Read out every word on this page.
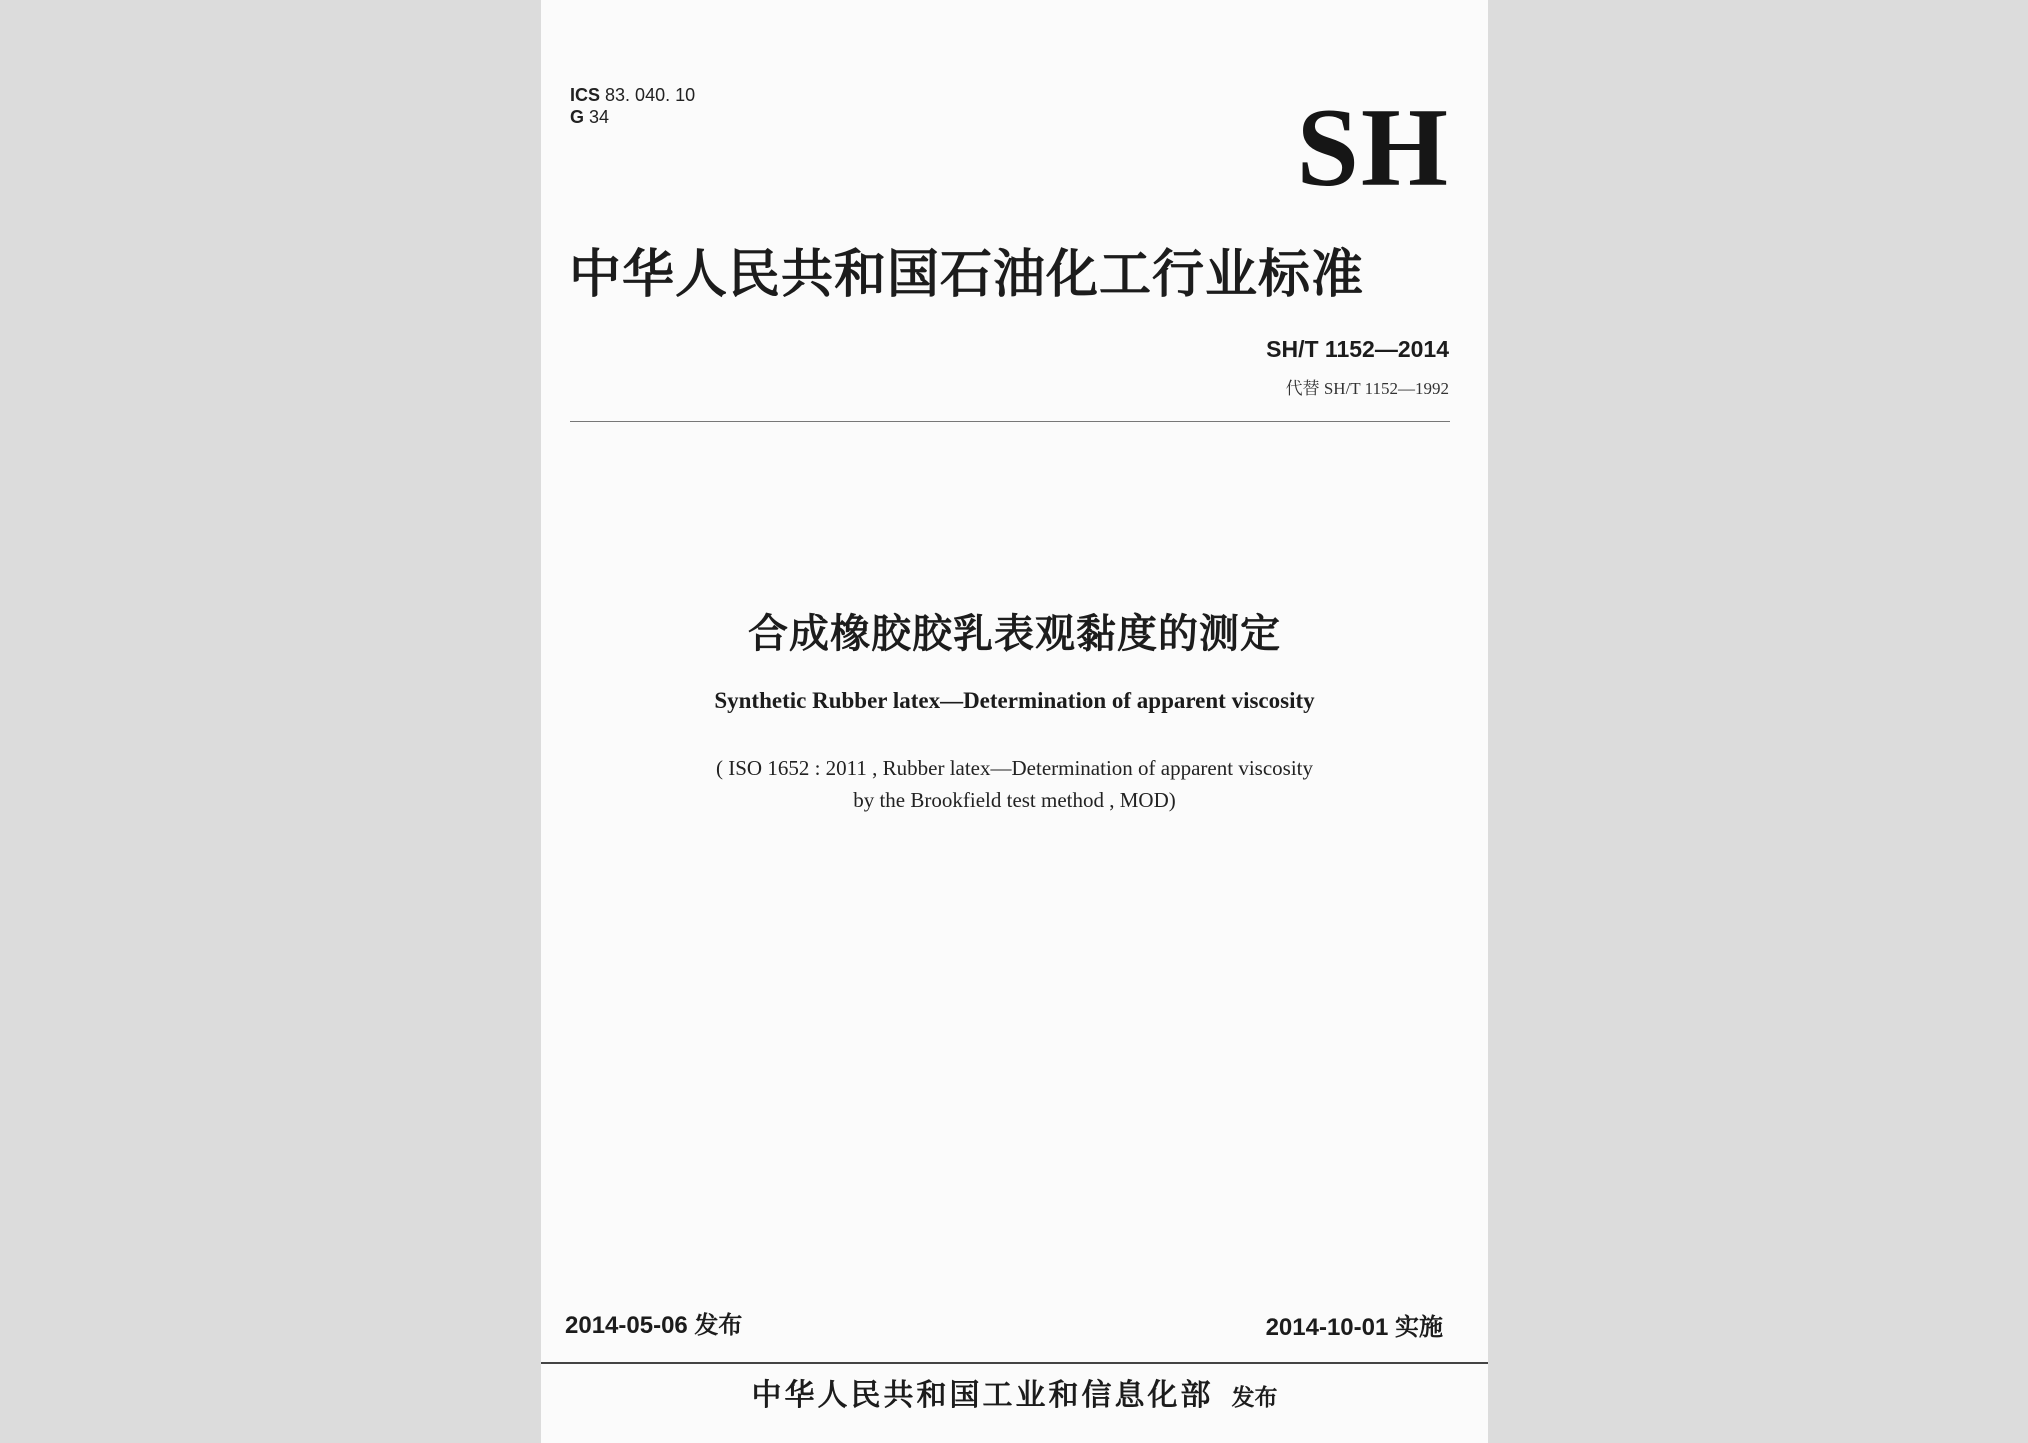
ICS 83. 040. 10
G 34	SH
中华人民共和国石油化工行业标准
SH/T 1152—2014
代替 SH/T 1152—1992
合成橡胶胶乳表观黏度的测定
Synthetic Rubber latex—Determination of apparent viscosity
( ISO 1652 : 2011 , Rubber latex—Determination of apparent viscosity
by the Brookfield test method , MOD)
2014-05-06 发布	2014-10-01 实施
中华人民共和国工业和信息化部 发布
